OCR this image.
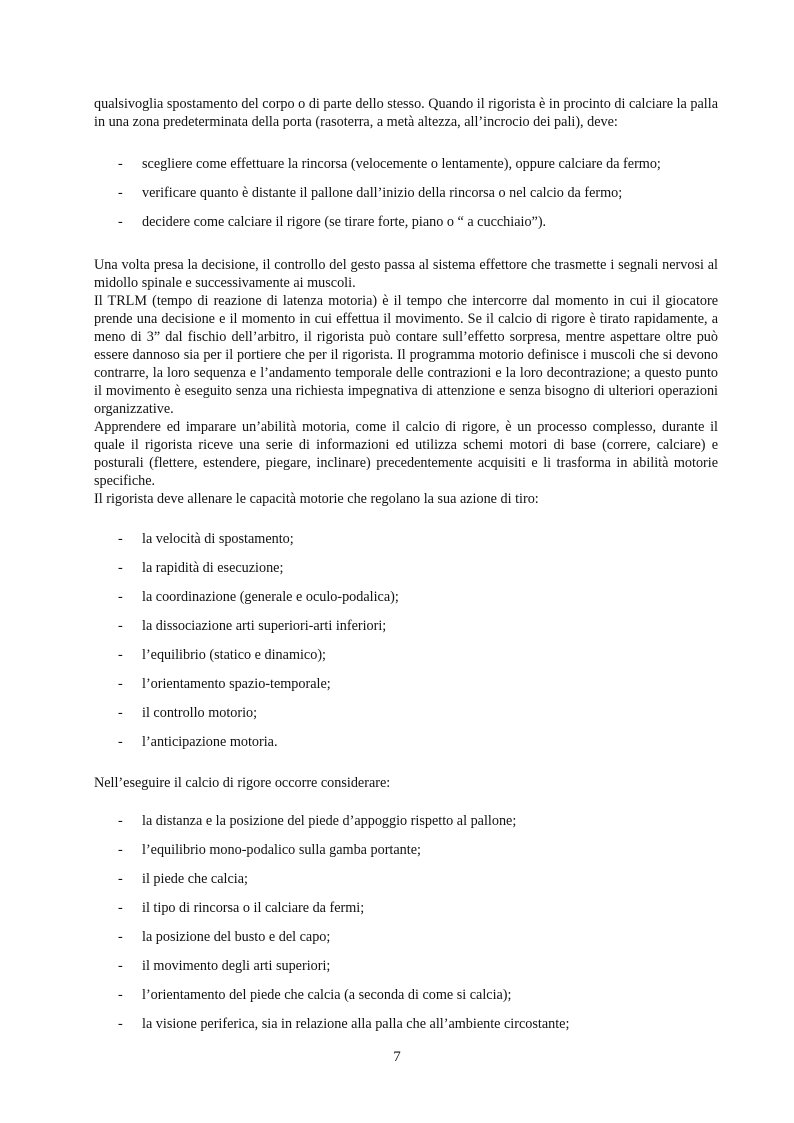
qualsivoglia spostamento del corpo o di parte dello stesso. Quando il rigorista è in procinto di calciare la palla in una zona predeterminata della porta (rasoterra, a metà altezza, all’incrocio dei pali), deve:

-	scegliere come effettuare la rincorsa (velocemente o lentamente), oppure calciare da fermo;
-	verificare quanto è distante il pallone dall’inizio della rincorsa o nel calcio da fermo;
-	decidere come calciare il rigore (se tirare forte, piano o “ a cucchiaio”).

Una volta presa la decisione, il controllo del gesto passa al sistema effettore che trasmette i segnali nervosi al midollo spinale e successivamente ai muscoli.

Il TRLM (tempo di reazione di latenza motoria) è il tempo che intercorre dal momento in cui il giocatore prende una decisione e il momento in cui effettua il movimento. Se il calcio di rigore è tirato rapidamente, a meno di 3” dal fischio dell’arbitro, il rigorista può contare sull’effetto sorpresa, mentre aspettare oltre può essere dannoso sia per il portiere che per il rigorista. Il programma motorio definisce i muscoli che si devono contrarre, la loro sequenza e l’andamento temporale delle contrazioni e la loro decontrazione; a questo punto il movimento è eseguito senza una richiesta impegnativa di attenzione e senza bisogno di ulteriori operazioni organizzative.

Apprendere ed imparare un’abilità motoria, come il calcio di rigore, è un processo complesso, durante il quale il rigorista riceve una serie di informazioni ed utilizza schemi motori di base (correre, calciare) e posturali (flettere, estendere, piegare, inclinare) precedentemente acquisiti e li trasforma in abilità motorie specifiche.

Il rigorista deve allenare le capacità motorie che regolano la sua azione di tiro:

-	la velocità di spostamento;
-	la rapidità di esecuzione;
-	la coordinazione (generale e oculo-podalica);
-	la dissociazione arti superiori-arti inferiori;
-	l’equilibrio (statico e dinamico);
-	l’orientamento spazio-temporale;
-	il controllo motorio;
-	l’anticipazione motoria.

Nell’eseguire il calcio di rigore occorre considerare:

-	la distanza e la posizione del piede d’appoggio rispetto al pallone;
-	l’equilibrio mono-podalico sulla gamba portante;
-	il piede che calcia;
-	il tipo di rincorsa o il calciare da fermi;
-	la posizione del busto e del capo;
-	il movimento degli arti superiori;
-	l’orientamento del piede che calcia (a seconda di come si calcia);
-	la visione periferica, sia in relazione alla palla che all’ambiente circostante;
7
